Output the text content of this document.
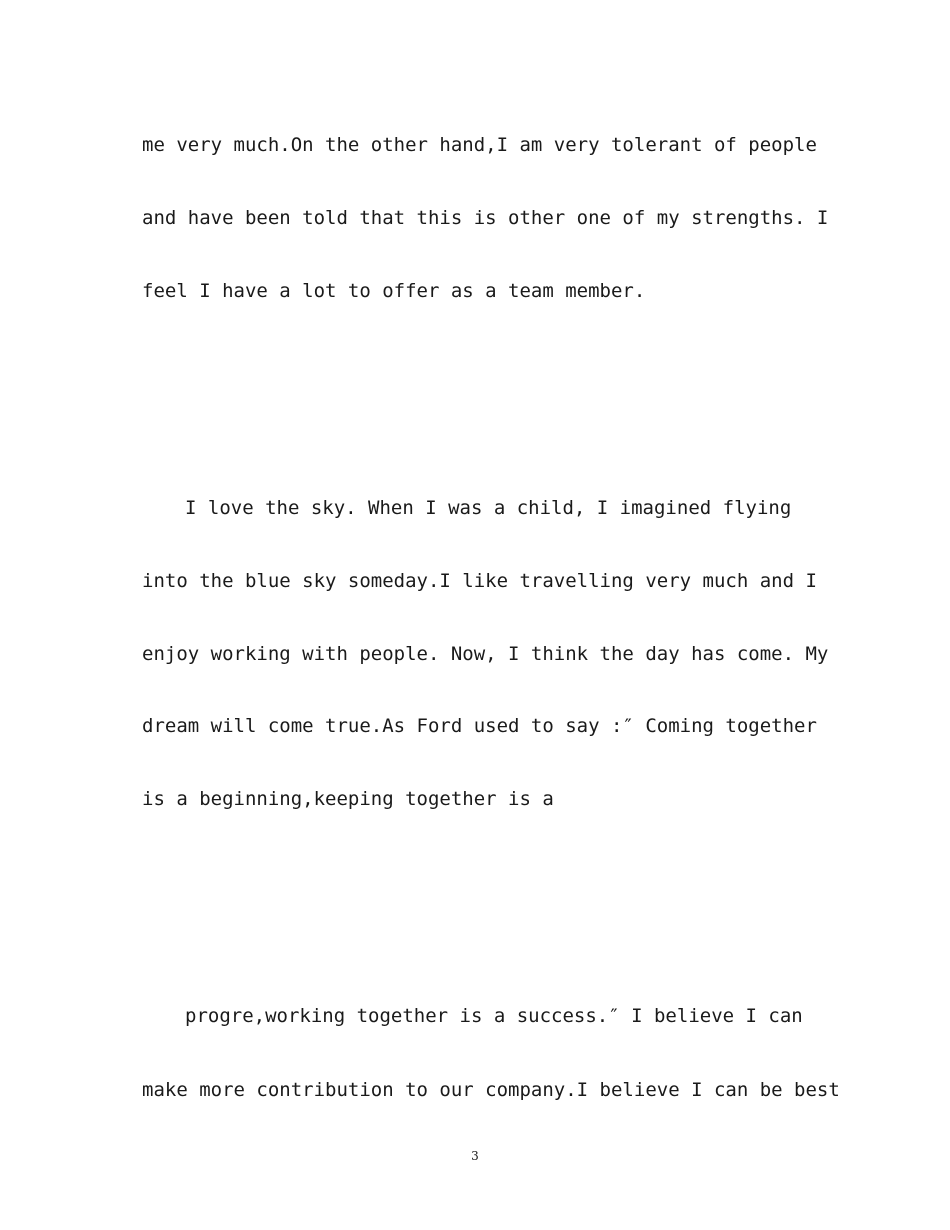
me very much.On the other hand,I am very tolerant of people
and have been told that this is other one of my strengths. I
feel I have a lot to offer as a team member.
I love the sky. When I was a child, I imagined flying
into the blue sky someday.I like travelling very much and I
enjoy working with people. Now, I think the day has come. My
dream will come true.As Ford used to say :″ Coming together
is a beginning,keeping together is a
progre,working together is a success.″ I believe I can
make more contribution to our company.I believe I can be best
3
